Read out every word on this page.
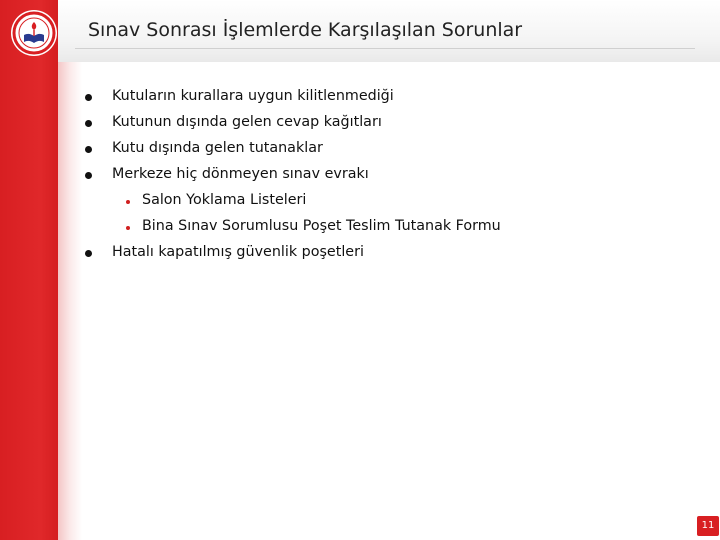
Sınav Sonrası İşlemlerde Karşılaşılan Sorunlar
Kutuların kurallara uygun kilitlenmediği
Kutunun dışında gelen cevap kağıtları
Kutu dışında gelen tutanaklar
Merkeze hiç dönmeyen sınav evrakı
Salon Yoklama Listeleri
Bina Sınav Sorumlusu Poşet Teslim Tutanak Formu
Hatalı kapatılmış güvenlik poşetleri
11
